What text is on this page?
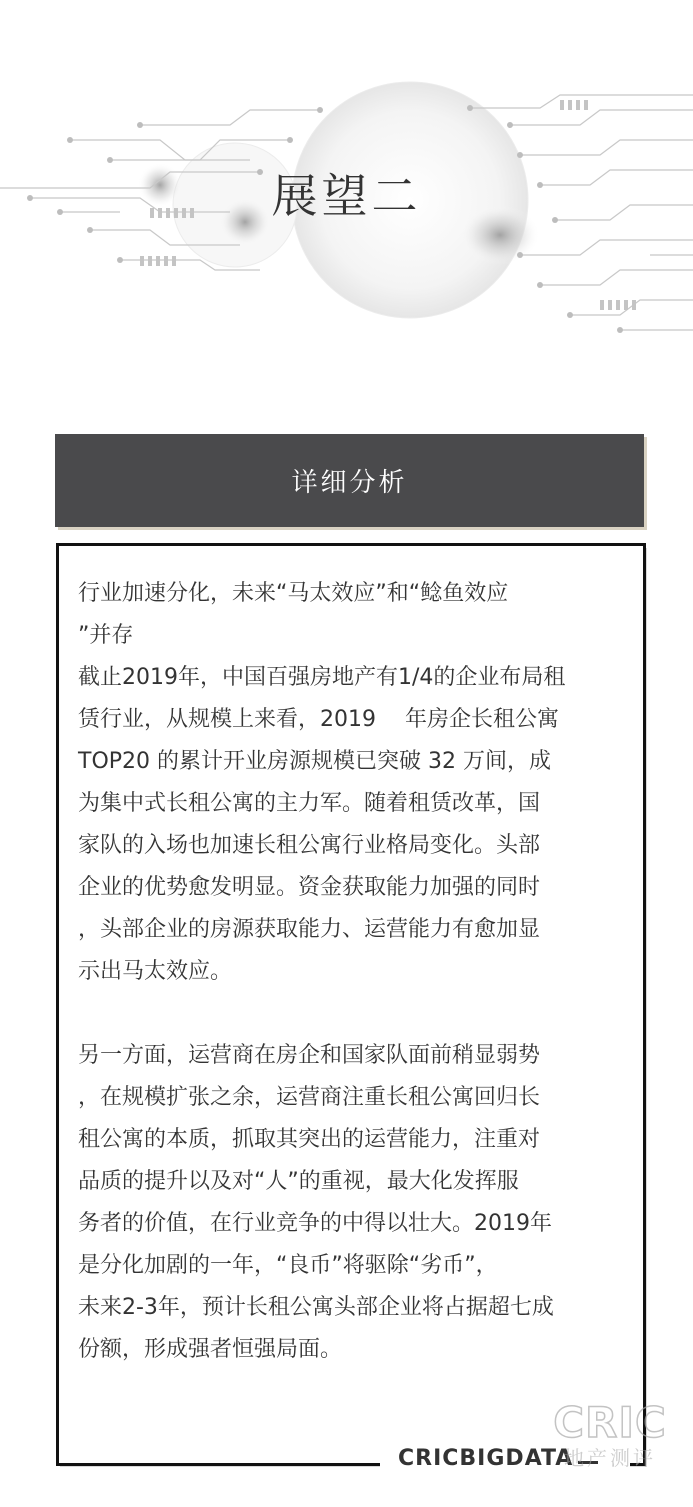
展望二
详细分析

行业加速分化，未来“马太效应”和“鲶鱼效应
”并存
截止2019年，中国百强房地产有1/4的企业布局租
赁行业，从规模上来看，2019　 年房企长租公寓
TOP20 的累计开业房源规模已突破 32 万间，成
为集中式长租公寓的主力军。随着租赁改革，国
家队的入场也加速长租公寓行业格局变化。头部
企业的优势愈发明显。资金获取能力加强的同时
，头部企业的房源获取能力、运营能力有愈加显
示出马太效应。

另一方面，运营商在房企和国家队面前稍显弱势
，在规模扩张之余，运营商注重长租公寓回归长
租公寓的本质，抓取其突出的运营能力，注重对
品质的提升以及对“人”的重视，最大化发挥服
务者的价值，在行业竞争的中得以壮大。2019年
是分化加剧的一年，“良币”将驱除“劣币”，
未来2-3年，预计长租公寓头部企业将占据超七成
份额，形成强者恒强局面。

CRICBIGDATA
CRIC
地产测评
